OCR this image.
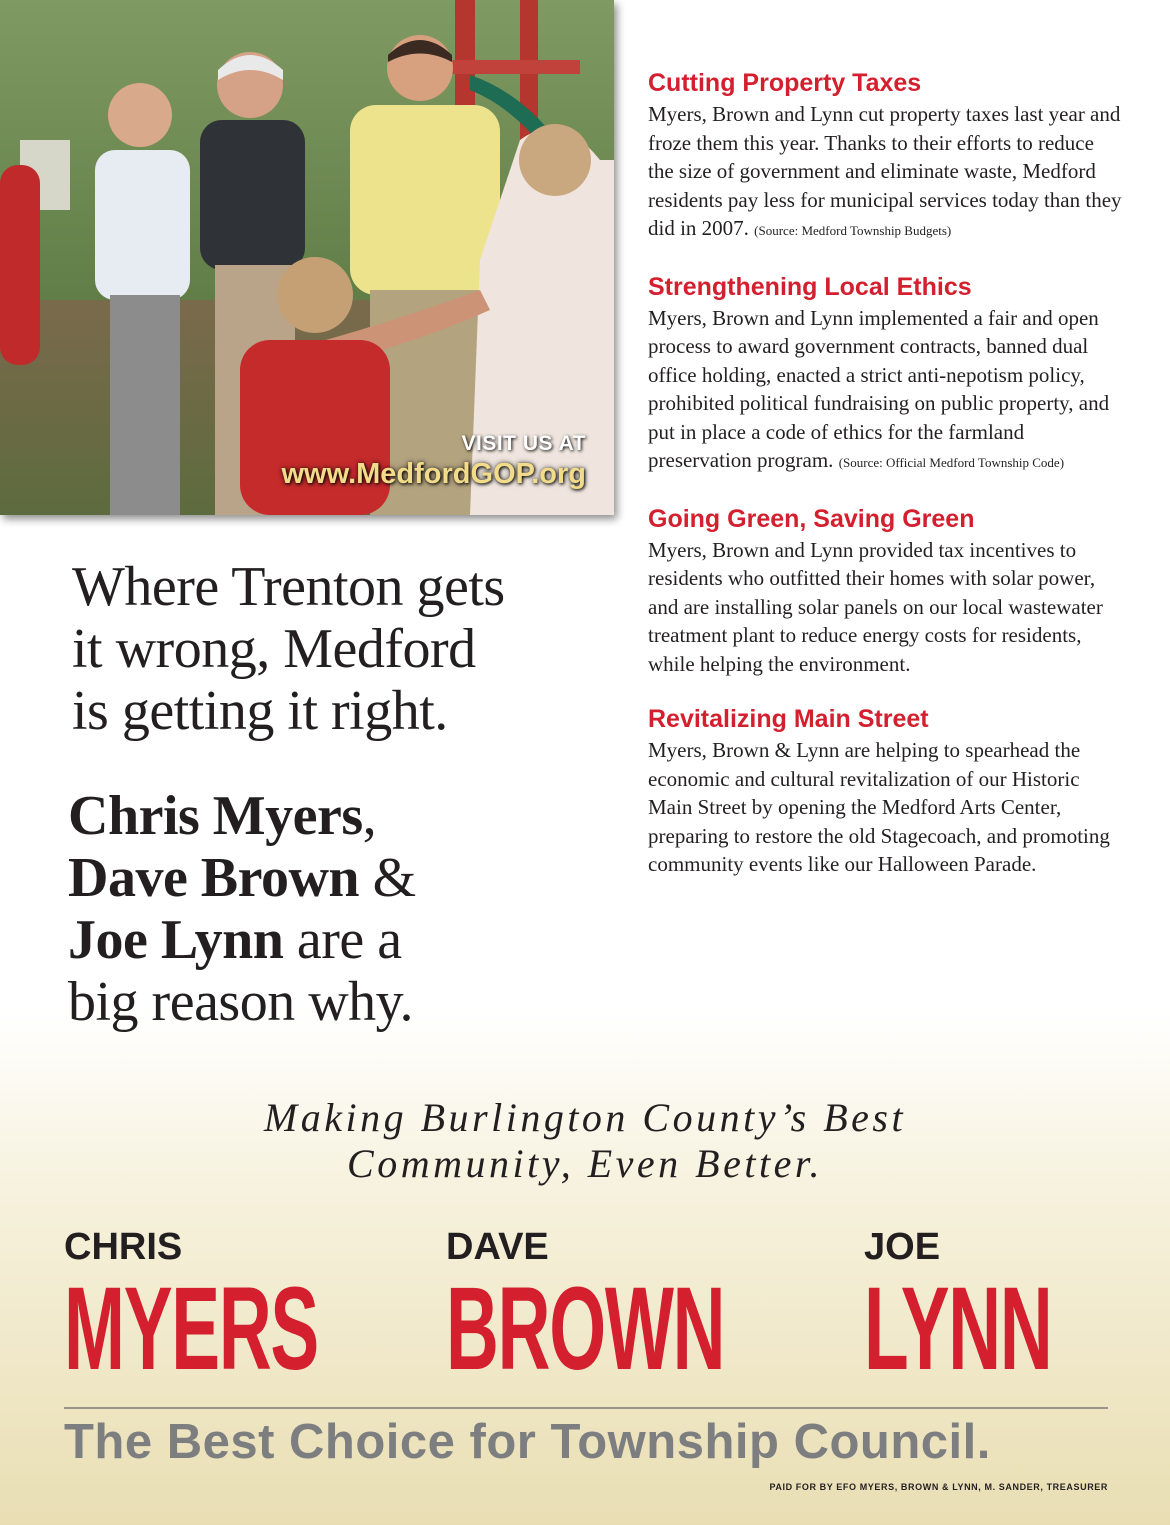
VISIT US AT
www.MedfordGOP.org
Cutting Property Taxes

Myers, Brown and Lynn cut property taxes last year and froze them this year. Thanks to their efforts to reduce the size of government and eliminate waste, Medford residents pay less for municipal services today than they did in 2007. (Source: Medford Township Budgets)

Strengthening Local Ethics

Myers, Brown and Lynn implemented a fair and open process to award government contracts, banned dual office holding, enacted a strict anti-nepotism policy, prohibited political fundraising on public property, and put in place a code of ethics for the farmland preservation program. (Source: Official Medford Township Code)

Going Green, Saving Green

Myers, Brown and Lynn provided tax incentives to residents who outfitted their homes with solar power, and are installing solar panels on our local wastewater treatment plant to reduce energy costs for residents, while helping the environment.

Revitalizing Main Street

Myers, Brown & Lynn are helping to spearhead the economic and cultural revitalization of our Historic Main Street by opening the Medford Arts Center, preparing to restore the old Stagecoach, and promoting community events like our Halloween Parade.

Where Trenton gets
it wrong, Medford
is getting it right.
Chris Myers,
Dave Brown &
Joe Lynn are a
big reason why.
Making Burlington County’s Best
Community, Even Better.
CHRIS
MYERS
DAVE
BROWN
JOE
LYNN
The Best Choice for Township Council.
PAID FOR BY EFO MYERS, BROWN & LYNN, M. SANDER, TREASURER
